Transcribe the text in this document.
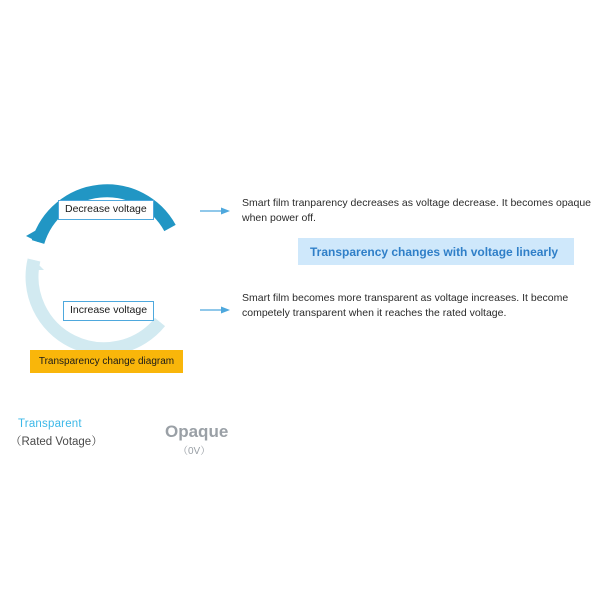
Transparent
（Rated Votage）
Opaque
（0V）
Decrease voltage
Increase voltage
Transparency change diagram
Smart film tranparency decreases as voltage decrease. It becomes opaque when power off.
Transparency changes with voltage linearly
Smart film becomes more transparent as voltage increases. It become competely transparent when it reaches the rated voltage.
